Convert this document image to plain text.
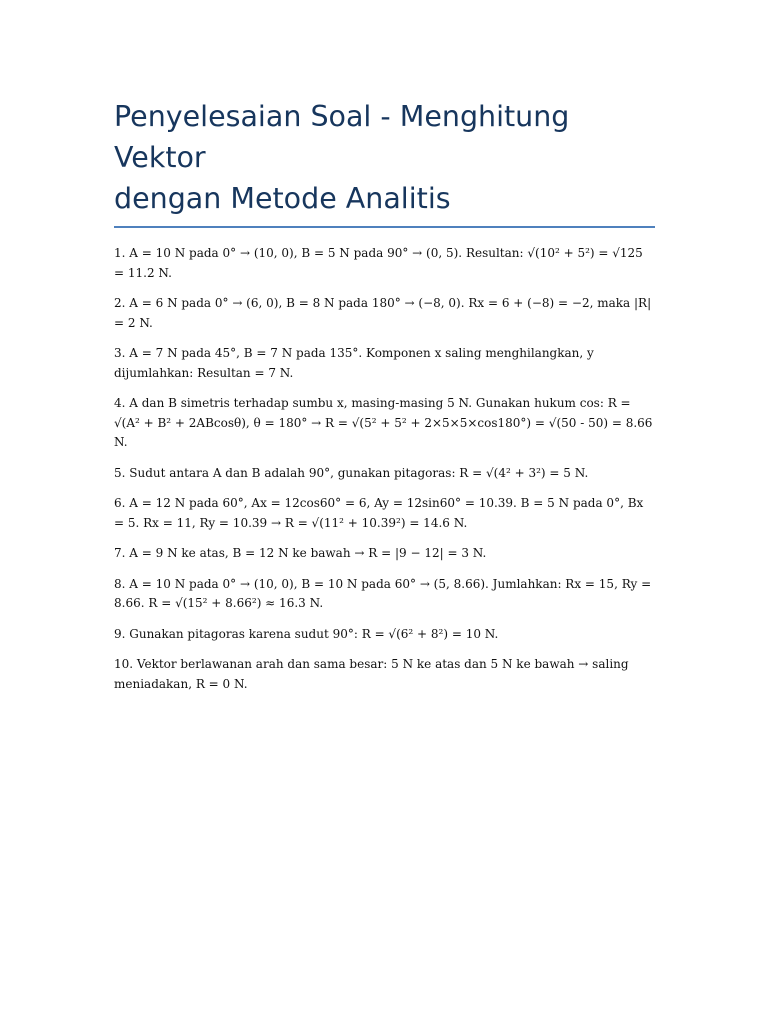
Penyelesaian Soal - Menghitung Vektor
dengan Metode Analitis

1. A = 10 N pada 0° → (10, 0), B = 5 N pada 90° → (0, 5). Resultan: √(10² + 5²) = √125 = 11.2 N.

2. A = 6 N pada 0° → (6, 0), B = 8 N pada 180° → (−8, 0). Rx = 6 + (−8) = −2, maka |R| = 2 N.

3. A = 7 N pada 45°, B = 7 N pada 135°. Komponen x saling menghilangkan, y dijumlahkan: Resultan = 7 N.

4. A dan B simetris terhadap sumbu x, masing-masing 5 N. Gunakan hukum cos: R = √(A² + B² + 2ABcosθ), θ = 180° → R = √(5² + 5² + 2×5×5×cos180°) = √(50 - 50) = 8.66 N.

5. Sudut antara A dan B adalah 90°, gunakan pitagoras: R = √(4² + 3²) = 5 N.

6. A = 12 N pada 60°, Ax = 12cos60° = 6, Ay = 12sin60° = 10.39. B = 5 N pada 0°, Bx = 5. Rx = 11, Ry = 10.39 → R = √(11² + 10.39²) = 14.6 N.

7. A = 9 N ke atas, B = 12 N ke bawah → R = |9 − 12| = 3 N.

8. A = 10 N pada 0° → (10, 0), B = 10 N pada 60° → (5, 8.66). Jumlahkan: Rx = 15, Ry = 8.66. R = √(15² + 8.66²) ≈ 16.3 N.

9. Gunakan pitagoras karena sudut 90°: R = √(6² + 8²) = 10 N.

10. Vektor berlawanan arah dan sama besar: 5 N ke atas dan 5 N ke bawah → saling meniadakan, R = 0 N.
